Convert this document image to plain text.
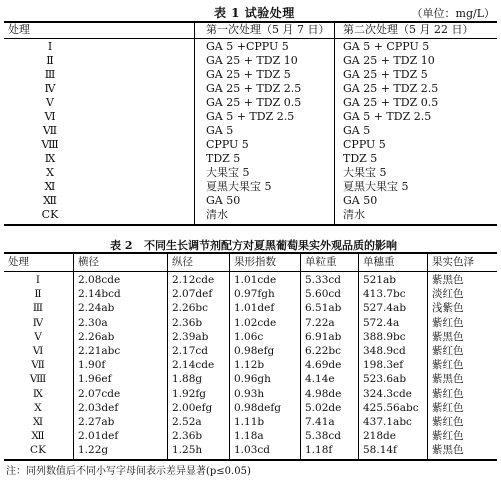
表 1 试验处理	（单位：mg/L）
处理	第一次处理（5 月 7 日） 第二次处理（5 月 22 日）
Ⅰ	GA 5 +CPPU 5	GA 5 + CPPU 5
Ⅱ	GA 25 + TDZ 10	GA 25 + TDZ 10
Ⅲ	GA 25 + TDZ 5	GA 25 + TDZ 5
Ⅳ	GA 25 + TDZ 2.5	GA 25 + TDZ 2.5
Ⅴ	GA 25 + TDZ 0.5	GA 25 + TDZ 0.5
Ⅵ	GA 5 + TDZ 2.5	GA 5 + TDZ 2.5
Ⅶ	GA 5	GA 5
Ⅷ	CPPU 5	CPPU 5
Ⅸ	TDZ 5	TDZ 5
Ⅹ	大果宝 5	大果宝 5
Ⅺ	夏黑大果宝 5	夏黑大果宝 5
Ⅻ	GA 50	GA 50
CK	清水	清水
表 2 不同生长调节剂配方对夏黑葡萄果实外观品质的影响
处理	横径	纵径	果形指数	单粒重	单穗重	果实色泽
Ⅰ	2.08cde	2.12cde 1.01cde	5.33cd 521ab	紫黑色
Ⅱ	2.14bcd	2.07def 0.97fgh	5.60cd 413.7bc	淡红色
Ⅲ	2.24ab	2.26bc 1.01def	6.51ab 527.4ab 浅紫色
Ⅳ	2.30a	2.36b	1.02cde	7.22a	572.4a	紫红色
Ⅴ	2.26ab	2.39ab 1.06c	6.91ab 388.9bc	紫黑色
Ⅵ	2.21abc	2.17cd 0.98efg	6.22bc 348.9cd	紫红色
Ⅶ	1.90f	2.14cde 1.12b	4.69de 198.3ef	紫红色
Ⅷ	1.96ef	1.88g	0.96gh	4.14e	523.6ab 紫黑色
Ⅸ	2.07cde	1.92fg	0.93h	4.98de 324.3cde 紫红色
Ⅹ	2.03def	2.00efg 0.98defg 5.02de 425.56abc 紫红色
Ⅺ	2.27ab	2.52a	1.11b	7.41a	437.1abc 紫红色
Ⅻ	2.01def	2.36b	1.18a	5.38cd 218de	紫红色
CK	1.22g	1.25h	1.03cd	1.18f	58.14f	紫黑色
注：同列数值后不同小写字母间表示差异显著(p≤0.05)
